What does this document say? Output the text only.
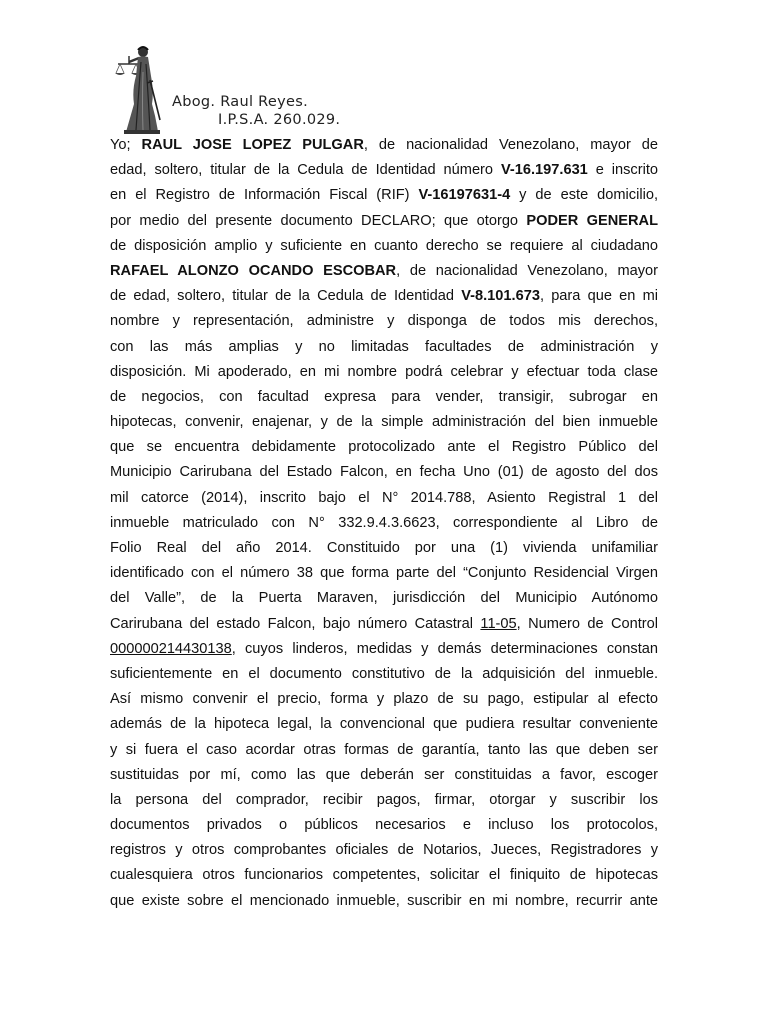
Abog. Raul Reyes.
I.P.S.A. 260.029.
Yo; RAUL JOSE LOPEZ PULGAR, de nacionalidad Venezolano, mayor de
edad, soltero, titular de la Cedula de Identidad número V-16.197.631 e inscrito
en el Registro de Información Fiscal (RIF) V-16197631-4 y de este domicilio,
por medio del presente documento DECLARO; que otorgo PODER GENERAL
de disposición amplio y suficiente en cuanto derecho se requiere al ciudadano
RAFAEL ALONZO OCANDO ESCOBAR, de nacionalidad Venezolano, mayor
de edad, soltero, titular de la Cedula de Identidad V-8.101.673, para que en mi
nombre y representación, administre y disponga de todos mis derechos,
con las más amplias y no limitadas facultades de administración y
disposición. Mi apoderado, en mi nombre podrá celebrar y efectuar toda clase
de negocios, con facultad expresa para vender, transigir, subrogar en
hipotecas, convenir, enajenar, y de la simple administración del bien inmueble
que se encuentra debidamente protocolizado ante el Registro Público del
Municipio Carirubana del Estado Falcon, en fecha Uno (01) de agosto del dos
mil catorce (2014), inscrito bajo el N° 2014.788, Asiento Registral 1 del
inmueble matriculado con N° 332.9.4.3.6623, correspondiente al Libro de
Folio Real del año 2014. Constituido por una (1) vivienda unifamiliar
identificado con el número 38 que forma parte del “Conjunto Residencial Virgen
del Valle”, de la Puerta Maraven, jurisdicción del Municipio Autónomo
Carirubana del estado Falcon, bajo número Catastral 11-05, Numero de Control
000000214430138, cuyos linderos, medidas y demás determinaciones constan
suficientemente en el documento constitutivo de la adquisición del inmueble.
Así mismo convenir el precio, forma y plazo de su pago, estipular al efecto
además de la hipoteca legal, la convencional que pudiera resultar conveniente
y si fuera el caso acordar otras formas de garantía, tanto las que deben ser
sustituidas por mí, como las que deberán ser constituidas a favor, escoger
la persona del comprador, recibir pagos, firmar, otorgar y suscribir los
documentos privados o públicos necesarios e incluso los protocolos,
registros y otros comprobantes oficiales de Notarios, Jueces, Registradores y
cualesquiera otros funcionarios competentes, solicitar el finiquito de hipotecas
que existe sobre el mencionado inmueble, suscribir en mi nombre, recurrir ante
